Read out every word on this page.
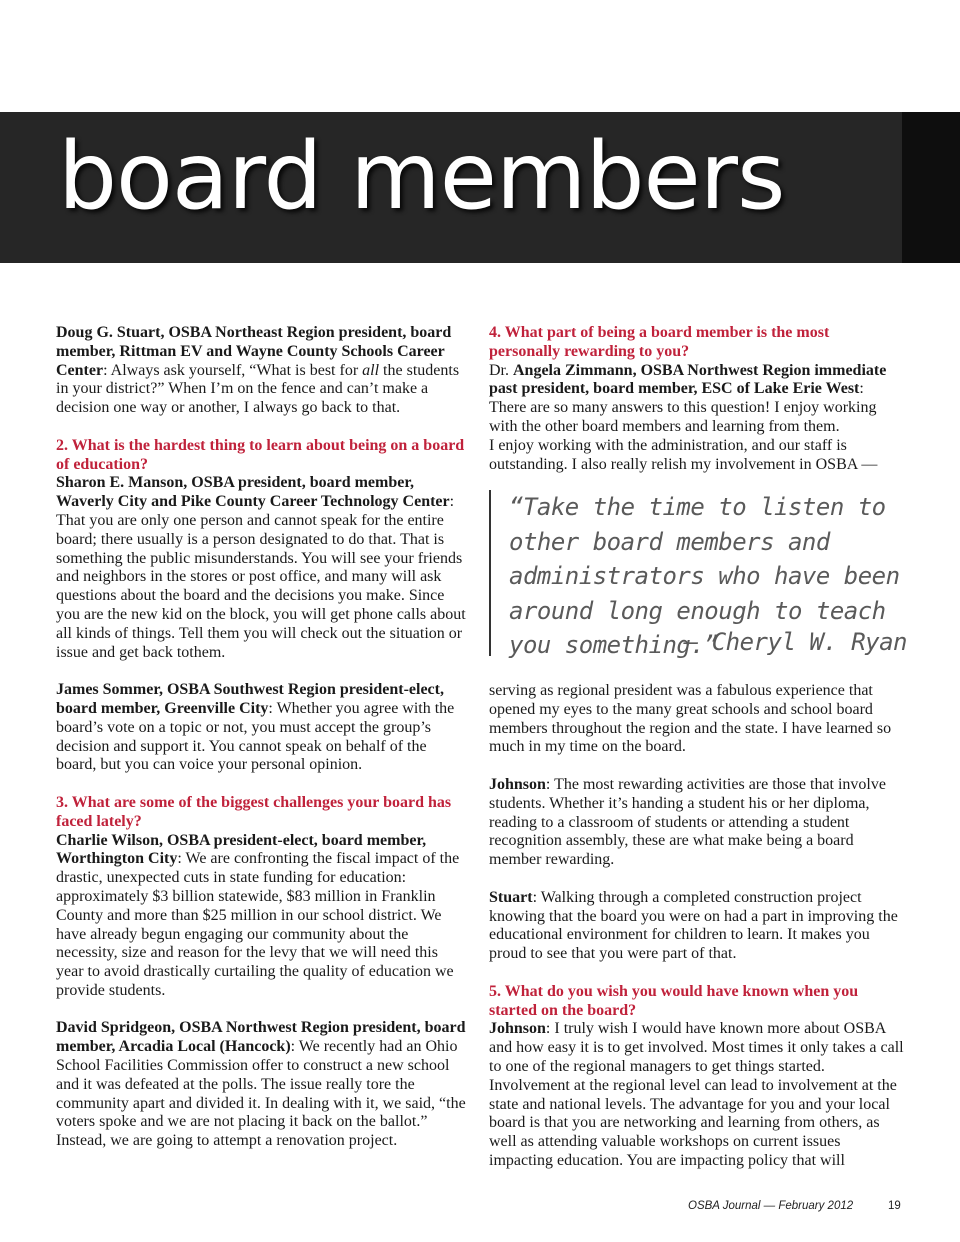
board members

Doug G. Stuart, OSBA Northeast Region president, board member, Rittman EV and Wayne County Schools Career Center: Always ask yourself, “What is best for all the students in your district?” When I’m on the fence and can’t make a decision one way or another, I always go back to that.

2. What is the hardest thing to learn about being on a board of education?

Sharon E. Manson, OSBA president, board member, Waverly City and Pike County Career Technology Center: That you are only one person and cannot speak for the entire board; there usually is a person designated to do that. That is something the public misunderstands. You will see your friends and neighbors in the stores or post office, and many will ask questions about the board and the decisions you make. Since you are the new kid on the block, you will get phone calls about all kinds of things. Tell them you will check out the situation or issue and get back tothem.

James Sommer, OSBA Southwest Region president-elect, board member, Greenville City: Whether you agree with the board’s vote on a topic or not, you must accept the group’s decision and support it. You cannot speak on behalf of the board, but you can voice your personal opinion.

3. What are some of the biggest challenges your board has faced lately?

Charlie Wilson, OSBA president-elect, board member, Worthington City: We are confronting the fiscal impact of the drastic, unexpected cuts in state funding for education: approximately $3 billion statewide, $83 million in Franklin County and more than $25 million in our school district. We have already begun engaging our community about the necessity, size and reason for the levy that we will need this year to avoid drastically curtailing the quality of education we provide students.

David Spridgeon, OSBA Northwest Region president, board member, Arcadia Local (Hancock): We recently had an Ohio School Facilities Commission offer to construct a new school and it was defeated at the polls. The issue really tore the community apart and divided it. In dealing with it, we said, “the voters spoke and we are not placing it back on the ballot.” Instead, we are going to attempt a renovation project.

4. What part of being a board member is the most personally rewarding to you?

Dr. Angela Zimmann, OSBA Northwest Region immediate past president, board member, ESC of Lake Erie West: There are so many answers to this question! I enjoy working with the other board members and learning from them.

I enjoy working with the administration, and our staff is outstanding. I also really relish my involvement in OSBA —

“Take the time to listen to other board members and administrators who have been around long enough to teach you something.”
— Cheryl W. Ryan

serving as regional president was a fabulous experience that opened my eyes to the many great schools and school board members throughout the region and the state. I have learned so much in my time on the board.

Johnson: The most rewarding activities are those that involve students. Whether it’s handing a student his or her diploma, reading to a classroom of students or attending a student recognition assembly, these are what make being a board member rewarding.

Stuart: Walking through a completed construction project knowing that the board you were on had a part in improving the educational environment for children to learn. It makes you proud to see that you were part of that.

5. What do you wish you would have known when you started on the board?

Johnson: I truly wish I would have known more about OSBA and how easy it is to get involved. Most times it only takes a call to one of the regional managers to get things started. Involvement at the regional level can lead to involvement at the state and national levels. The advantage for you and your local board is that you are networking and learning from others, as well as attending valuable workshops on current issues impacting education. You are impacting policy that will

OSBA Journal — February 2012	19
